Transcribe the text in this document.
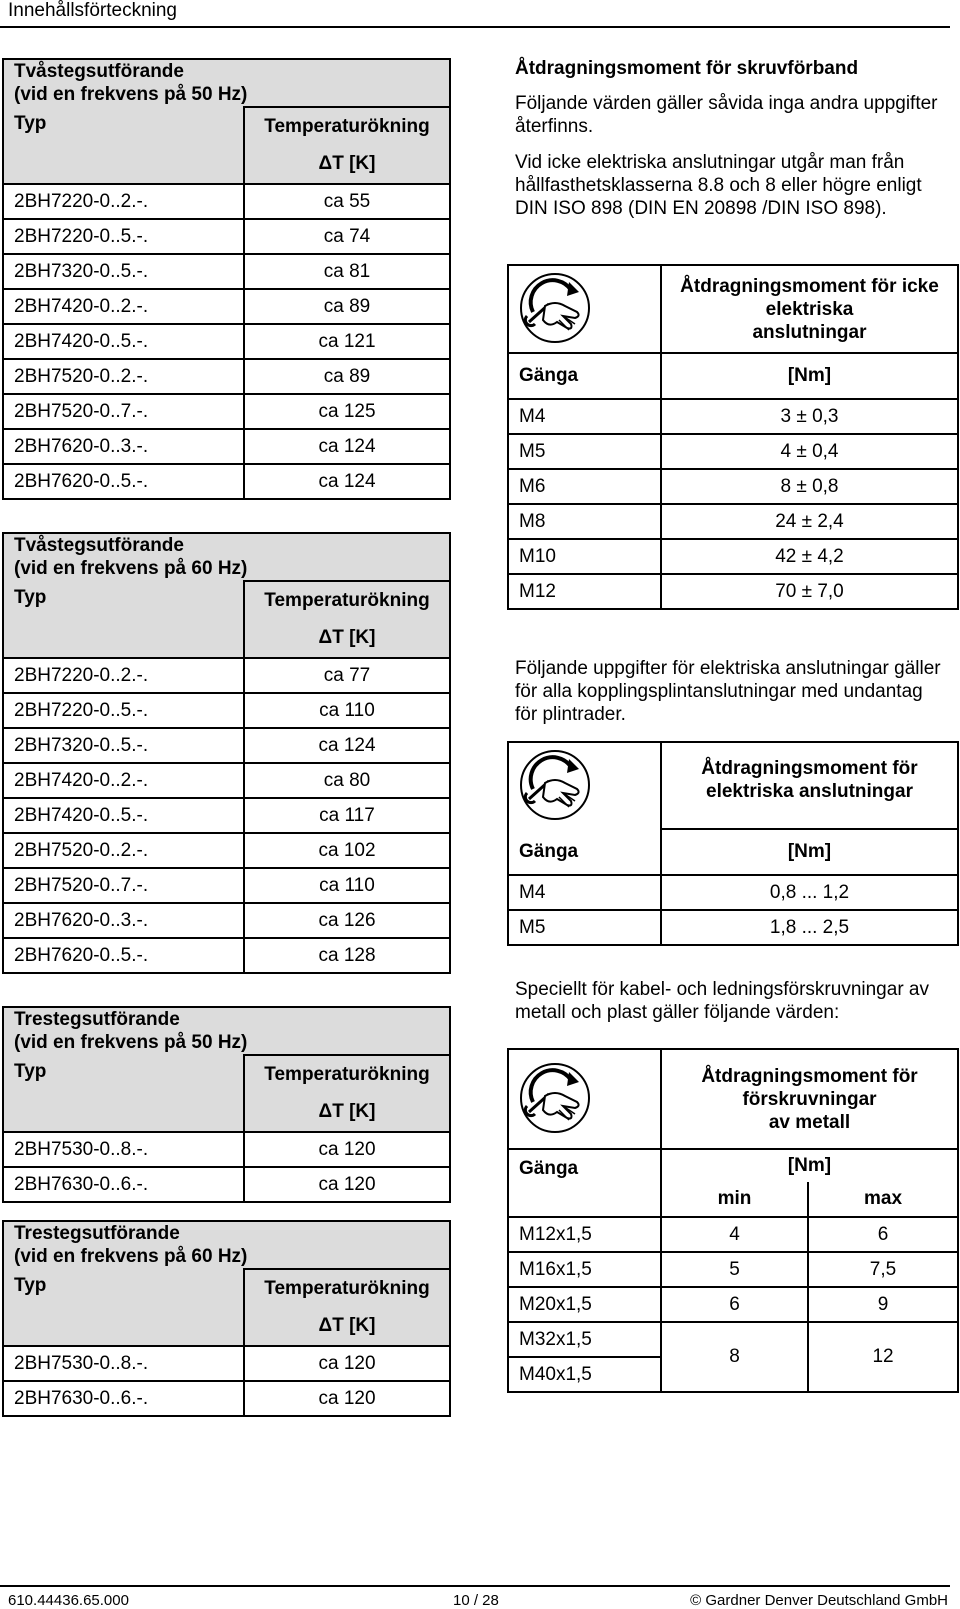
Innehållsförteckning
Tvåstegsutförande
(vid en frekvens på 50 Hz)	
Typ	Temperaturökning
	ΔT [K]
2BH7220-0..2.-.	ca 55
2BH7220-0..5.-.	ca 74
2BH7320-0..5.-.	ca 81
2BH7420-0..2.-.	ca 89
2BH7420-0..5.-.	ca 121
2BH7520-0..2.-.	ca 89
2BH7520-0..7.-.	ca 125
2BH7620-0..3.-.	ca 124
2BH7620-0..5.-.	ca 124
Tvåstegsutförande
(vid en frekvens på 60 Hz)	
Typ	Temperaturökning
	ΔT [K]
2BH7220-0..2.-.	ca 77
2BH7220-0..5.-.	ca 110
2BH7320-0..5.-.	ca 124
2BH7420-0..2.-.	ca 80
2BH7420-0..5.-.	ca 117
2BH7520-0..2.-.	ca 102
2BH7520-0..7.-.	ca 110
2BH7620-0..3.-.	ca 126
2BH7620-0..5.-.	ca 128
Trestegsutförande
(vid en frekvens på 50 Hz)	
Typ	Temperaturökning
	ΔT [K]
2BH7530-0..8.-.	ca 120
2BH7630-0..6.-.	ca 120
Trestegsutförande
(vid en frekvens på 60 Hz)	
Typ	Temperaturökning
	ΔT [K]
2BH7530-0..8.-.	ca 120
2BH7630-0..6.-.	ca 120
Åtdragningsmoment för skruvförband
Följande värden gäller såvida inga andra uppgifter återfinns.
Vid icke elektriska anslutningar utgår man från hållfasthetsklasserna 8.8 och 8 eller högre enligt DIN ISO 898 (DIN EN 20898 /DIN ISO 898).
	Åtdragningsmoment för icke
elektriska
anslutningar

Gänga	[Nm]
M4	3 ± 0,3
M5	4 ± 0,4
M6	8 ± 0,8
M8	24 ± 2,4
M10	42 ± 4,2
M12	70 ± 7,0
Följande uppgifter för elektriska anslutningar gäller för alla kopplingsplintanslutningar med undantag för plintrader.
	Åtdragningsmoment för
elektriska anslutningar
Gänga	[Nm]
M4	0,8 ... 1,2
M5	1,8 ... 2,5
Speciellt för kabel- och ledningsförskruvningar av metall och plast gäller följande värden:
	Åtdragningsmoment för
förskruvningar
av metall	
Gänga	[Nm]	
	min	max
M12x1,5	4	6
M16x1,5	5	7,5
M20x1,5	6	9
M32x1,5	8	12
M40x1,5		
610.44436.65.000	10 / 28	© Gardner Denver Deutschland GmbH
